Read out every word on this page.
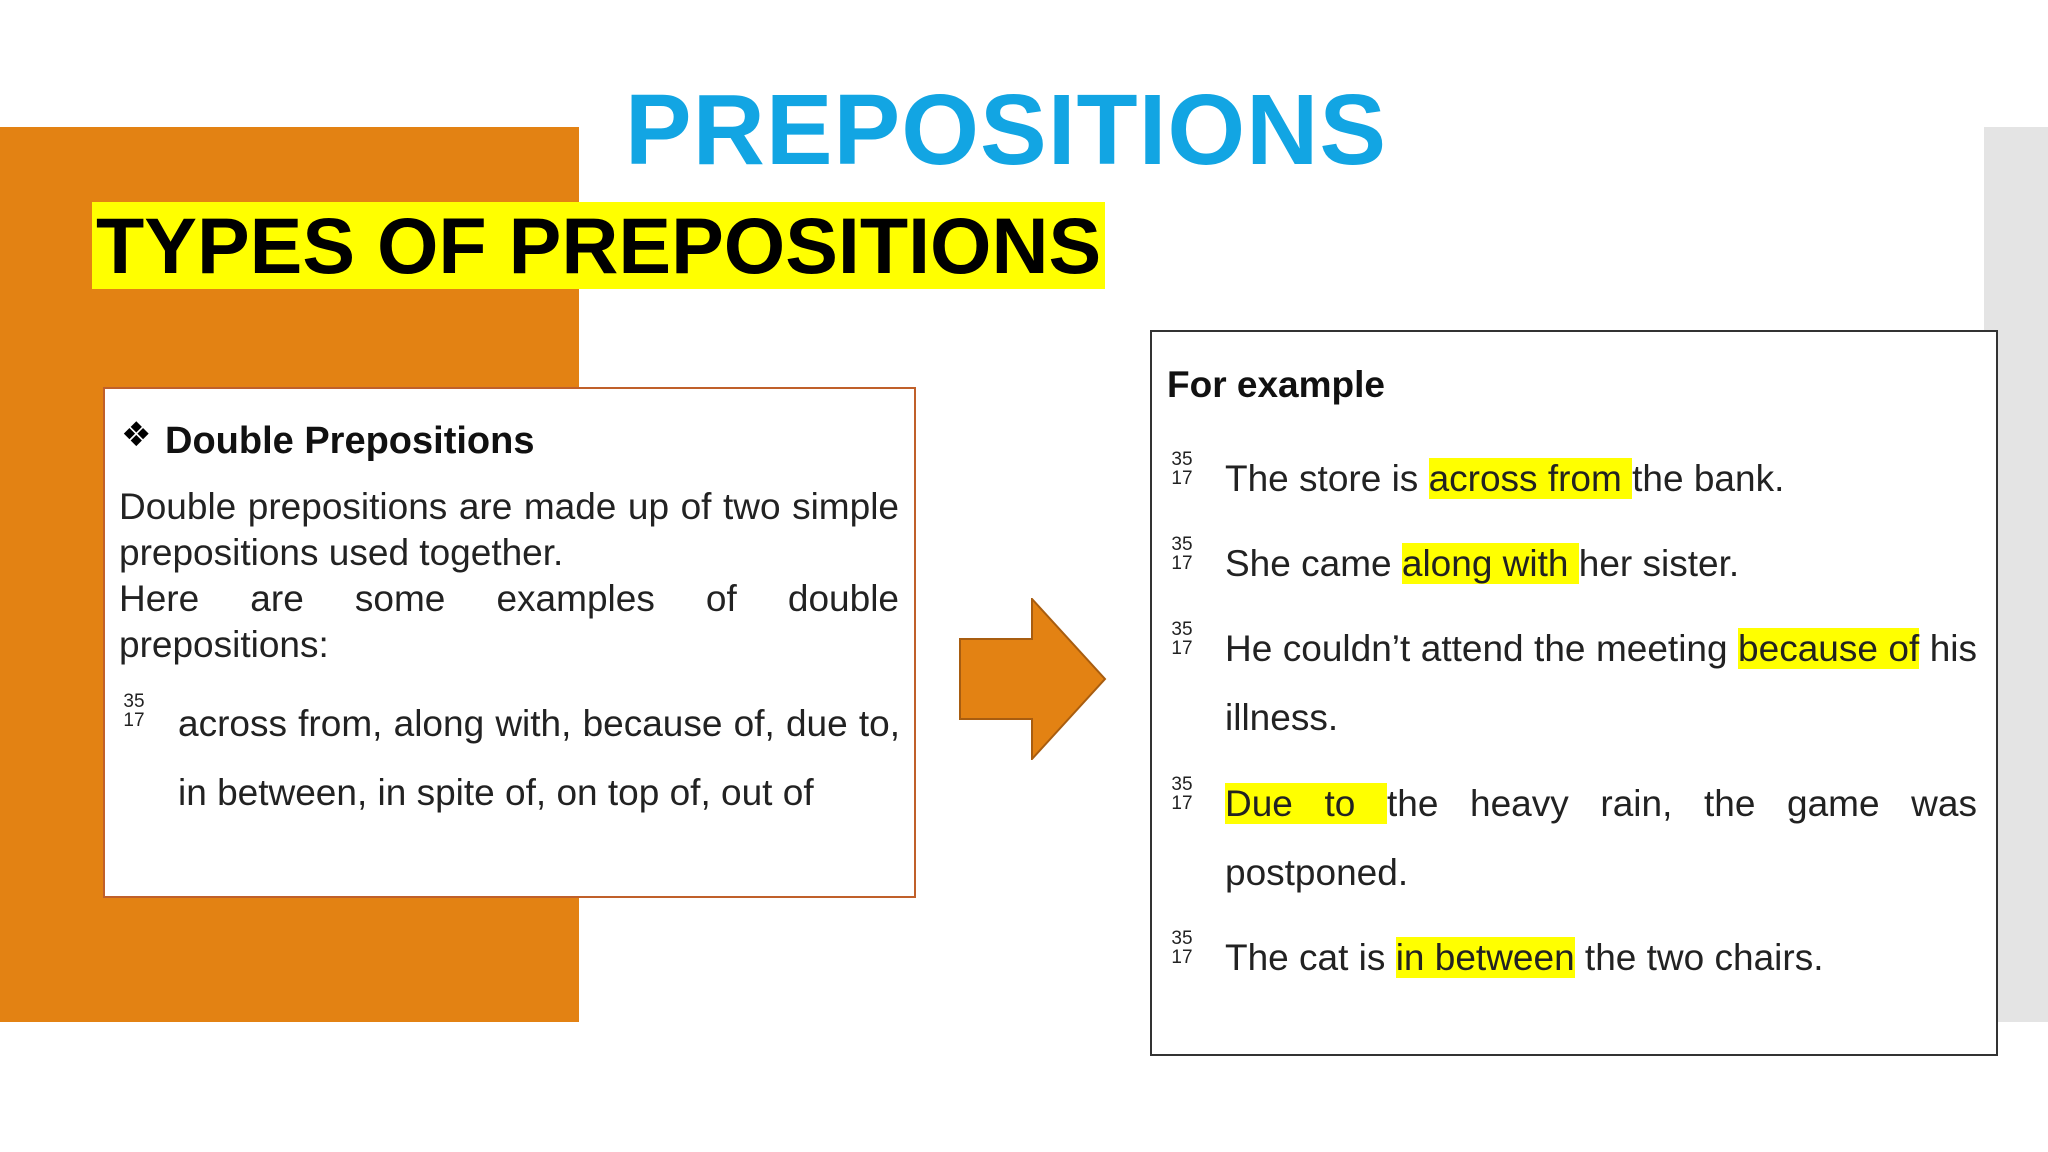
PREPOSITIONS
TYPES OF PREPOSITIONS
❖ Double Prepositions
Double prepositions are made up of two simple prepositions used together.
Here are some examples of double prepositions:
35
17 across from, along with, because of, due to, in between, in spite of, on top of, out of
For example
35
17 The store is across from the bank.
35
17 She came along with her sister.
35
17 He couldn’t attend the meeting because of his illness.
35
17 Due to the heavy rain, the game was postponed.
35
17 The cat is in between the two chairs.
